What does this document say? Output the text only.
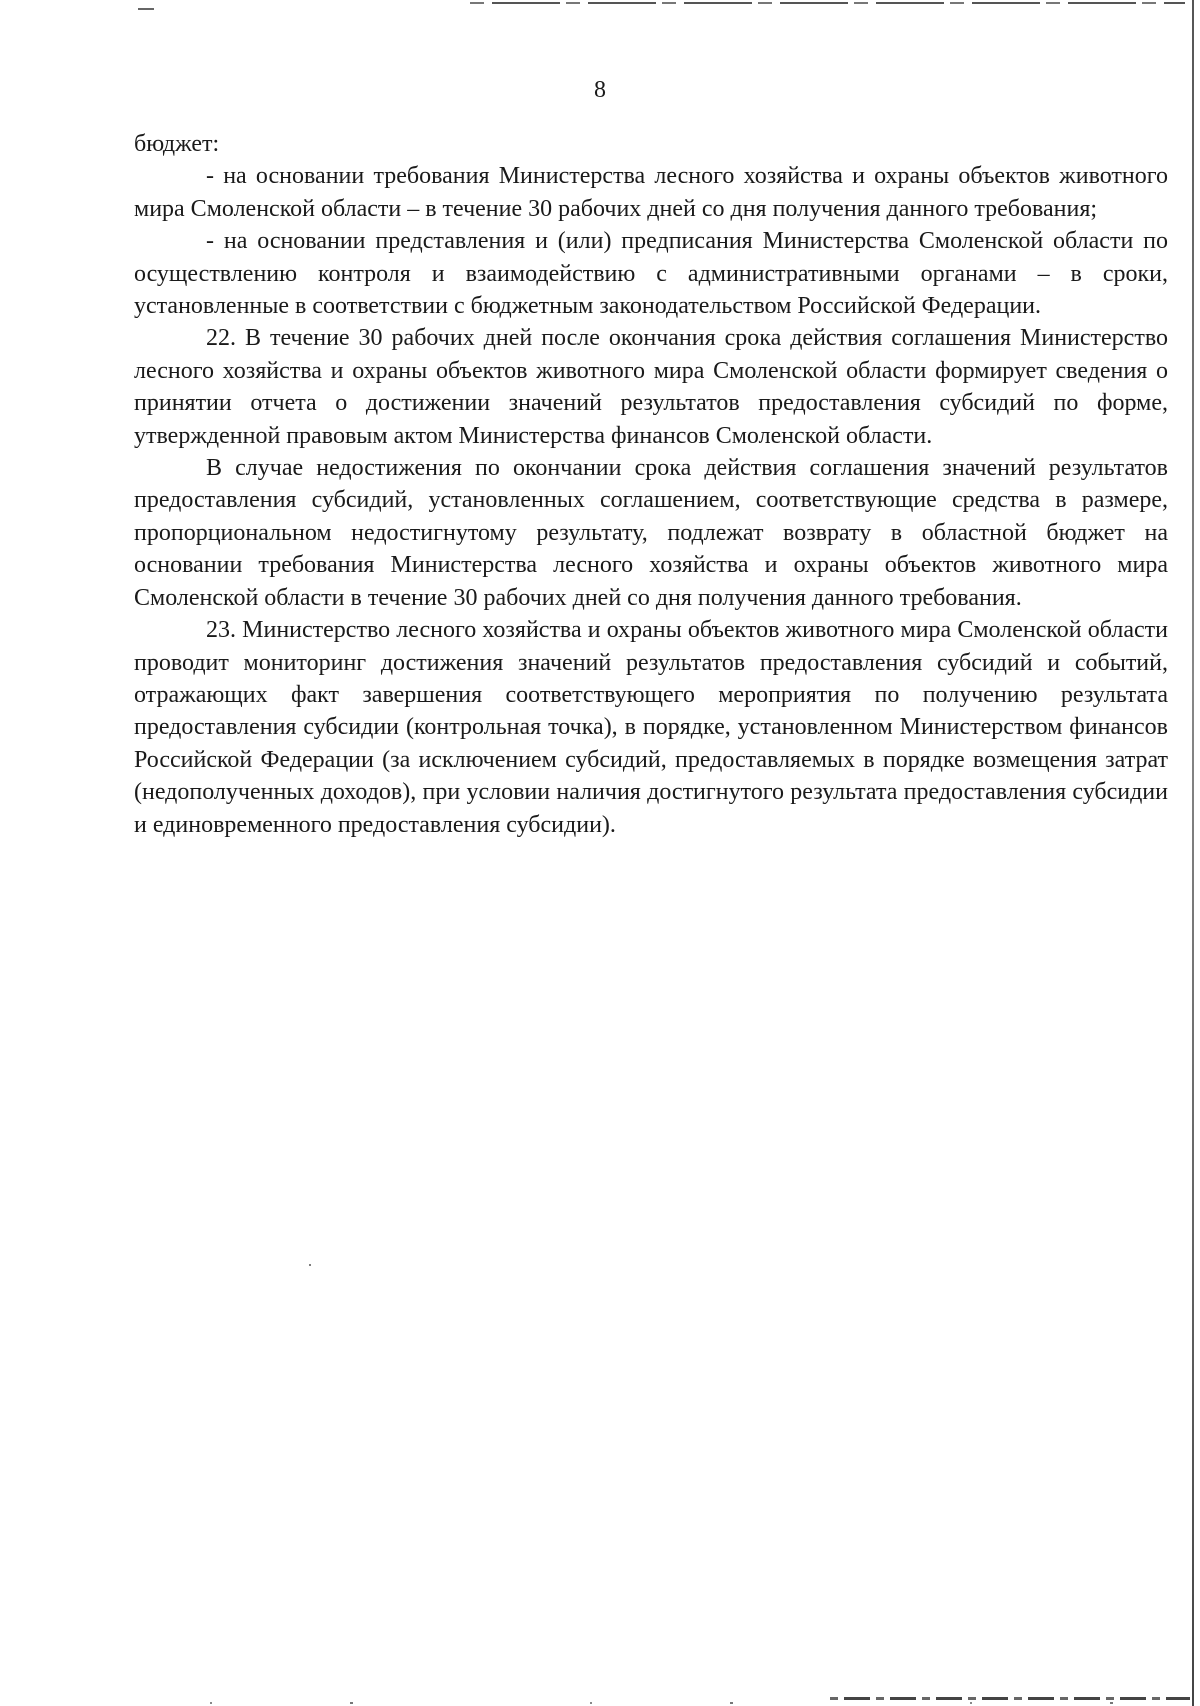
8

бюджет:

- на основании требования Министерства лесного хозяйства и охраны объектов животного мира Смоленской области – в течение 30 рабочих дней со дня получения данного требования;

- на основании представления и (или) предписания Министерства Смоленской области по осуществлению контроля и взаимодействию с административными органами – в сроки, установленные в соответствии с бюджетным законодательством Российской Федерации.

22. В течение 30 рабочих дней после окончания срока действия соглашения Министерство лесного хозяйства и охраны объектов животного мира Смоленской области формирует сведения о принятии отчета о достижении значений результатов предоставления субсидий по форме, утвержденной правовым актом Министерства финансов Смоленской области.

В случае недостижения по окончании срока действия соглашения значений результатов предоставления субсидий, установленных соглашением, соответствующие средства в размере, пропорциональном недостигнутому результату, подлежат возврату в областной бюджет на основании требования Министерства лесного хозяйства и охраны объектов животного мира Смоленской области в течение 30 рабочих дней со дня получения данного требования.

23. Министерство лесного хозяйства и охраны объектов животного мира Смоленской области проводит мониторинг достижения значений результатов предоставления субсидий и событий, отражающих факт завершения соответствующего мероприятия по получению результата предоставления субсидии (контрольная точка), в порядке, установленном Министерством финансов Российской Федерации (за исключением субсидий, предоставляемых в порядке возмещения затрат (недополученных доходов), при условии наличия достигнутого результата предоставления субсидии и единовременного предоставления субсидии).
